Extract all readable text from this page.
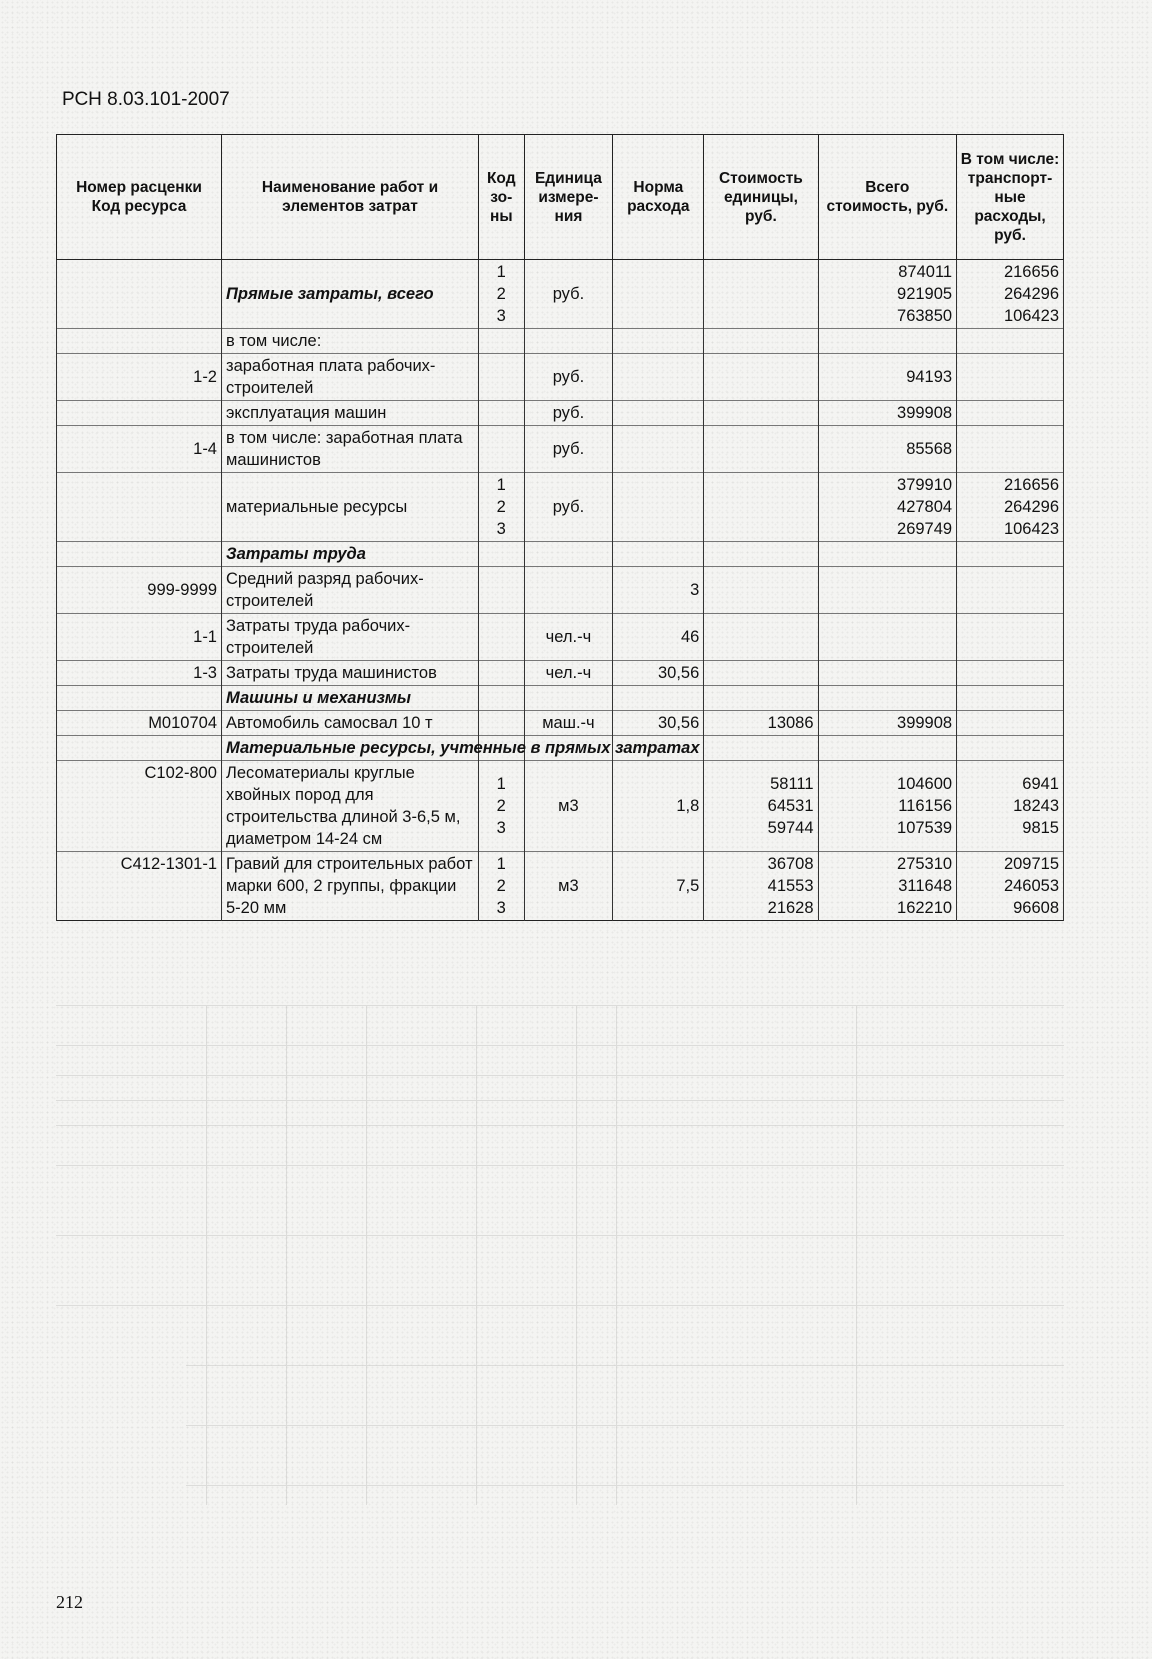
РСН 8.03.101-2007
Номер расценки Код ресурса	Наименование работ и элементов затрат	Код зо-ны	Единица измере-ния	Норма расхода	Стоимость единицы, руб.	Всего стоимость, руб.	В том числе: транспорт-ные расходы, руб.
	Прямые затраты, всего	1
2
3	руб.			874011
921905
763850	216656
264296
106423

	в том числе:						
1-2	заработная плата рабочих-строителей		руб.			94193	
	эксплуатация машин		руб.			399908	
1-4	в том числе: заработная плата машинистов		руб.			85568	
	материальные ресурсы	1
2
3	руб.			379910
427804
269749	216656
264296
106423

	Затраты труда						
999-9999	Средний разряд рабочих-строителей			3			
1-1	Затраты труда рабочих-строителей		чел.-ч	46			
1-3	Затраты труда машинистов		чел.-ч	30,56			
	Машины и механизмы						
М010704	Автомобиль самосвал 10 т		маш.-ч	30,56	13086	399908	
	Материальные ресурсы, учтенные в прямых затратах						
С102-800	Лесоматериалы круглые хвойных пород для строительства длиной 3-6,5 м, диаметром 14-24 см	1
2
3	м3	1,8	58111
64531
59744	104600
116156
107539	6941
18243
9815

С412-1301-1	Гравий для строительных работ марки 600, 2 группы, фракции 5-20 мм	1
2
3	м3	7,5	36708
41553
21628	275310
311648
162210	209715
246053
96608
212
